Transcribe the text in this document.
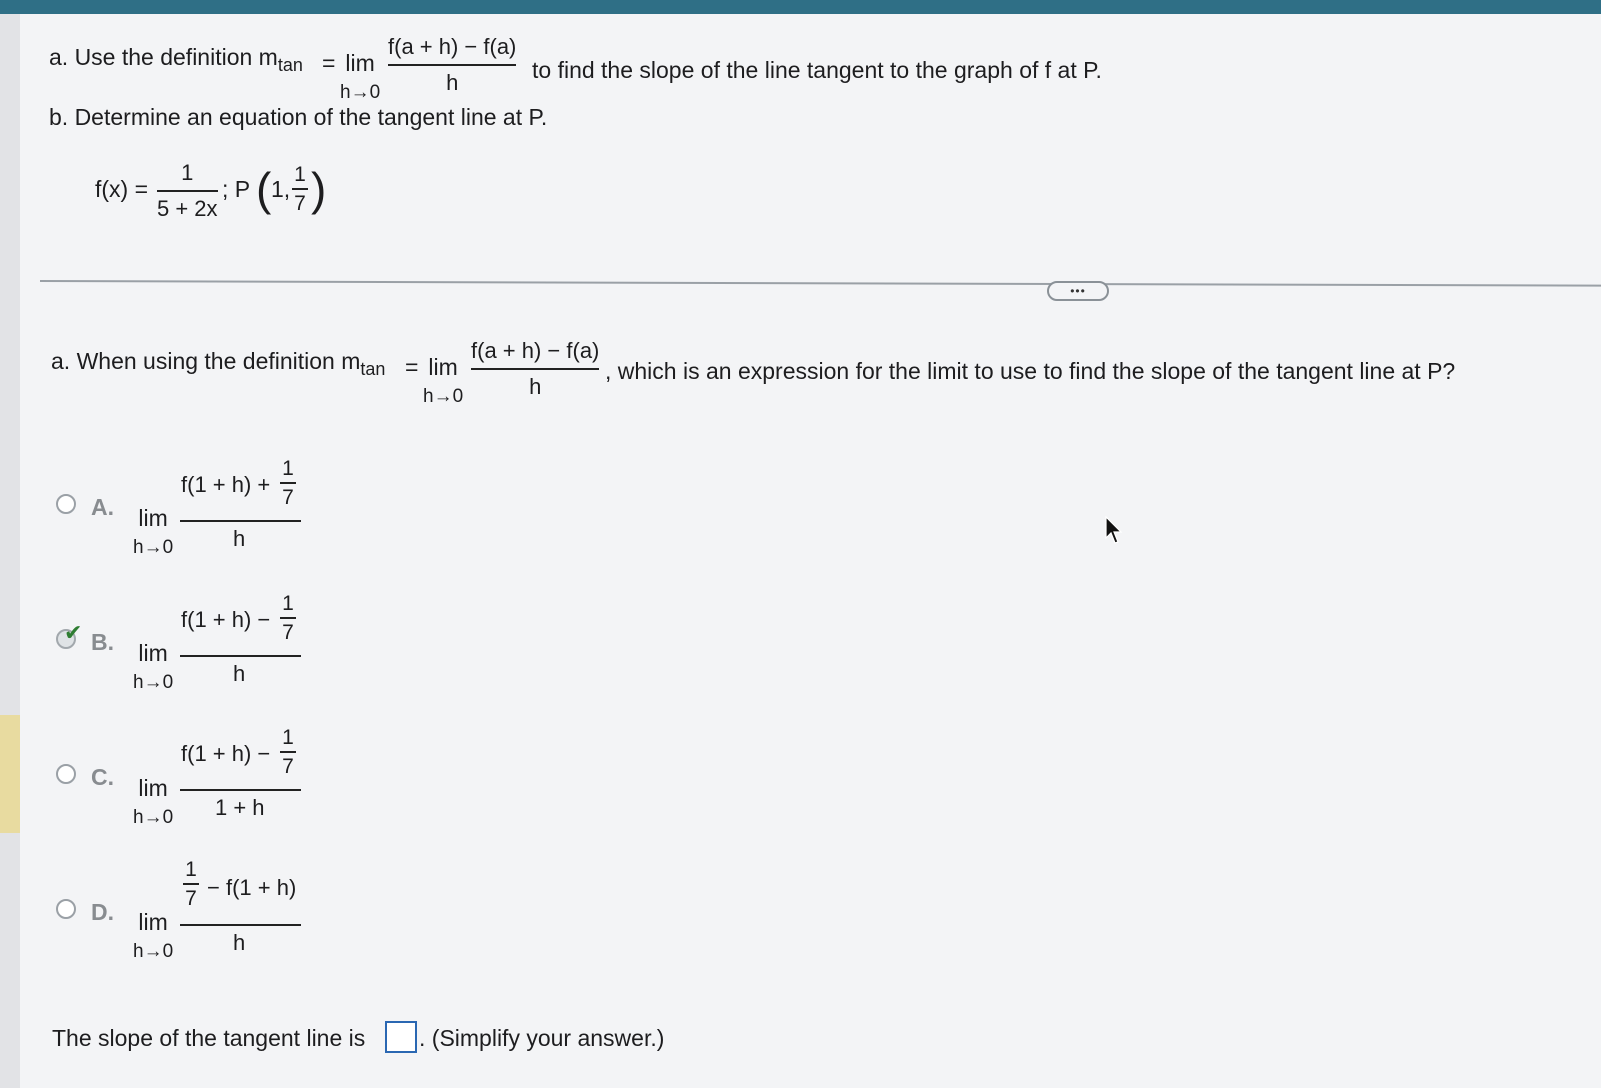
a. Use the definition $m_{tan} = \lim$
h→0
f(a + h) − f(a)
h	to find the slope of the line tangent to the graph of f at P.
b. Determine an equation of the tangent line at P.
f(x) =
1
5 + 2x
; P ( 1,
1
7 )
•••
a. When using the definition $m_{tan} = \lim$
h→0
f(a + h) − f(a)
h
, which is an expression for the limit to use to find the slope of the tangent line at P?
A. lim
h→0
f(1 + h) +
1
7
h
✔ B. lim
h→0
f(1 + h) −
1
7
h
C. lim
h→0
f(1 + h) −
1
7
1 + h
D. lim
h→0
1
7 − f(1 + h)
h
The slope of the tangent line is . (Simplify your answer.)
